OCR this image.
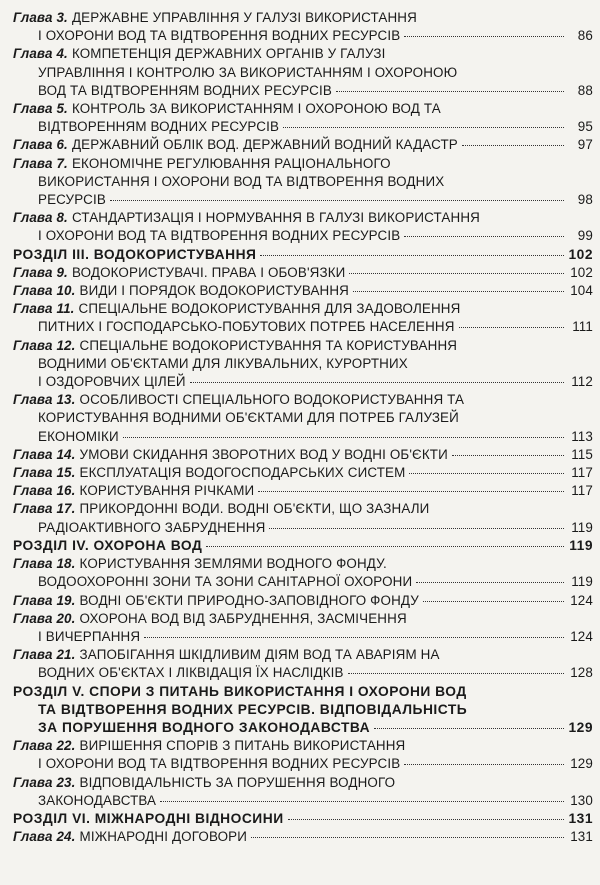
Глава 3. ДЕРЖАВНЕ УПРАВЛІННЯ У ГАЛУЗІ ВИКОРИСТАННЯ
І ОХОРОНИ ВОД ТА ВІДТВОРЕННЯ ВОДНИХ РЕСУРСІВ	86
Глава 4. КОМПЕТЕНЦІЯ ДЕРЖАВНИХ ОРГАНІВ У ГАЛУЗІ
УПРАВЛІННЯ І КОНТРОЛЮ ЗА ВИКОРИСТАННЯМ І ОХОРОНОЮ
ВОД ТА ВІДТВОРЕННЯМ ВОДНИХ РЕСУРСІВ	88
Глава 5. КОНТРОЛЬ ЗА ВИКОРИСТАННЯМ І ОХОРОНОЮ ВОД ТА
ВІДТВОРЕННЯМ ВОДНИХ РЕСУРСІВ	95
Глава 6. ДЕРЖАВНИЙ ОБЛІК ВОД. ДЕРЖАВНИЙ ВОДНИЙ КАДАСТР	97
Глава 7. ЕКОНОМІЧНЕ РЕГУЛЮВАННЯ РАЦІОНАЛЬНОГО
ВИКОРИСТАННЯ І ОХОРОНИ ВОД ТА ВІДТВОРЕННЯ ВОДНИХ
РЕСУРСІВ	98
Глава 8. СТАНДАРТИЗАЦІЯ І НОРМУВАННЯ В ГАЛУЗІ ВИКОРИСТАННЯ
І ОХОРОНИ ВОД ТА ВІДТВОРЕННЯ ВОДНИХ РЕСУРСІВ	99
РОЗДІЛ ІІІ. ВОДОКОРИСТУВАННЯ	102
Глава 9. ВОДОКОРИСТУВАЧІ. ПРАВА І ОБОВ'ЯЗКИ	102
Глава 10. ВИДИ І ПОРЯДОК ВОДОКОРИСТУВАННЯ	104
Глава 11. СПЕЦІАЛЬНЕ ВОДОКОРИСТУВАННЯ ДЛЯ ЗАДОВОЛЕННЯ
ПИТНИХ І ГОСПОДАРСЬКО-ПОБУТОВИХ ПОТРЕБ НАСЕЛЕННЯ	111
Глава 12. СПЕЦІАЛЬНЕ ВОДОКОРИСТУВАННЯ ТА КОРИСТУВАННЯ
ВОДНИМИ ОБ'ЄКТАМИ ДЛЯ ЛІКУВАЛЬНИХ, КУРОРТНИХ
І ОЗДОРОВЧИХ ЦІЛЕЙ	112
Глава 13. ОСОБЛИВОСТІ СПЕЦІАЛЬНОГО ВОДОКОРИСТУВАННЯ ТА
КОРИСТУВАННЯ ВОДНИМИ ОБ'ЄКТАМИ ДЛЯ ПОТРЕБ ГАЛУЗЕЙ
ЕКОНОМІКИ	113
Глава 14. УМОВИ СКИДАННЯ ЗВОРОТНИХ ВОД У ВОДНІ ОБ'ЄКТИ	115
Глава 15. ЕКСПЛУАТАЦІЯ ВОДОГОСПОДАРСЬКИХ СИСТЕМ	117
Глава 16. КОРИСТУВАННЯ РІЧКАМИ	117
Глава 17. ПРИКОРДОННІ ВОДИ. ВОДНІ ОБ'ЄКТИ, ЩО ЗАЗНАЛИ
РАДІОАКТИВНОГО ЗАБРУДНЕННЯ	119
РОЗДІЛ IV. ОХОРОНА ВОД	119
Глава 18. КОРИСТУВАННЯ ЗЕМЛЯМИ ВОДНОГО ФОНДУ.
ВОДООХОРОННІ ЗОНИ ТА ЗОНИ САНІТАРНОЇ ОХОРОНИ	119
Глава 19. ВОДНІ ОБ'ЄКТИ ПРИРОДНО-ЗАПОВІДНОГО ФОНДУ	124
Глава 20. ОХОРОНА ВОД ВІД ЗАБРУДНЕННЯ, ЗАСМІЧЕННЯ
І ВИЧЕРПАННЯ	124
Глава 21. ЗАПОБІГАННЯ ШКІДЛИВИМ ДІЯМ ВОД ТА АВАРІЯМ НА
ВОДНИХ ОБ'ЄКТАХ І ЛІКВІДАЦІЯ ЇХ НАСЛІДКІВ	128
РОЗДІЛ V. СПОРИ З ПИТАНЬ ВИКОРИСТАННЯ І ОХОРОНИ ВОД
ТА ВІДТВОРЕННЯ ВОДНИХ РЕСУРСІВ. ВІДПОВІДАЛЬНІСТЬ
ЗА ПОРУШЕННЯ ВОДНОГО ЗАКОНОДАВСТВА	129
Глава 22. ВИРІШЕННЯ СПОРІВ З ПИТАНЬ ВИКОРИСТАННЯ
І ОХОРОНИ ВОД ТА ВІДТВОРЕННЯ ВОДНИХ РЕСУРСІВ	129
Глава 23. ВІДПОВІДАЛЬНІСТЬ ЗА ПОРУШЕННЯ ВОДНОГО
ЗАКОНОДАВСТВА	130
РОЗДІЛ VI. МІЖНАРОДНІ ВІДНОСИНИ	131
Глава 24. МІЖНАРОДНІ ДОГОВОРИ	131
